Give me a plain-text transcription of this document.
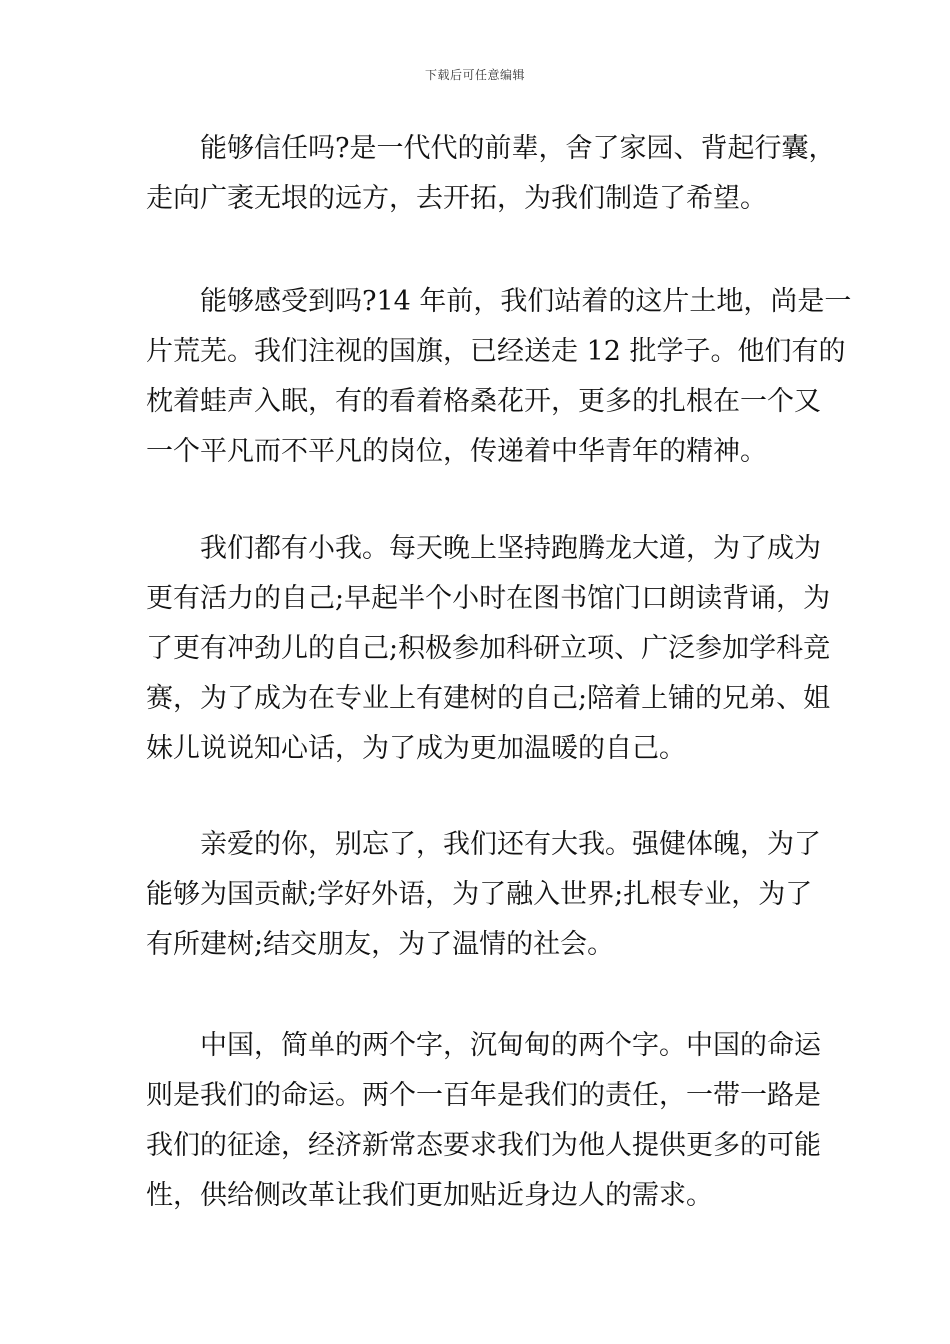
下载后可任意编辑
能够信任吗?是一代代的前辈，舍了家园、背起行囊，
走向广袤无垠的远方，去开拓，为我们制造了希望。
能够感受到吗?14 年前，我们站着的这片土地，尚是一
片荒芜。我们注视的国旗，已经送走 12 批学子。他们有的
枕着蛙声入眠，有的看着格桑花开，更多的扎根在一个又
一个平凡而不平凡的岗位，传递着中华青年的精神。
我们都有小我。每天晚上坚持跑腾龙大道，为了成为
更有活力的自己;早起半个小时在图书馆门口朗读背诵，为
了更有冲劲儿的自己;积极参加科研立项、广泛参加学科竞
赛，为了成为在专业上有建树的自己;陪着上铺的兄弟、姐
妹儿说说知心话，为了成为更加温暖的自己。
亲爱的你，别忘了，我们还有大我。强健体魄，为了
能够为国贡献;学好外语，为了融入世界;扎根专业，为了
有所建树;结交朋友，为了温情的社会。
中国，简单的两个字，沉甸甸的两个字。中国的命运
则是我们的命运。两个一百年是我们的责任，一带一路是
我们的征途，经济新常态要求我们为他人提供更多的可能
性，供给侧改革让我们更加贴近身边人的需求。
